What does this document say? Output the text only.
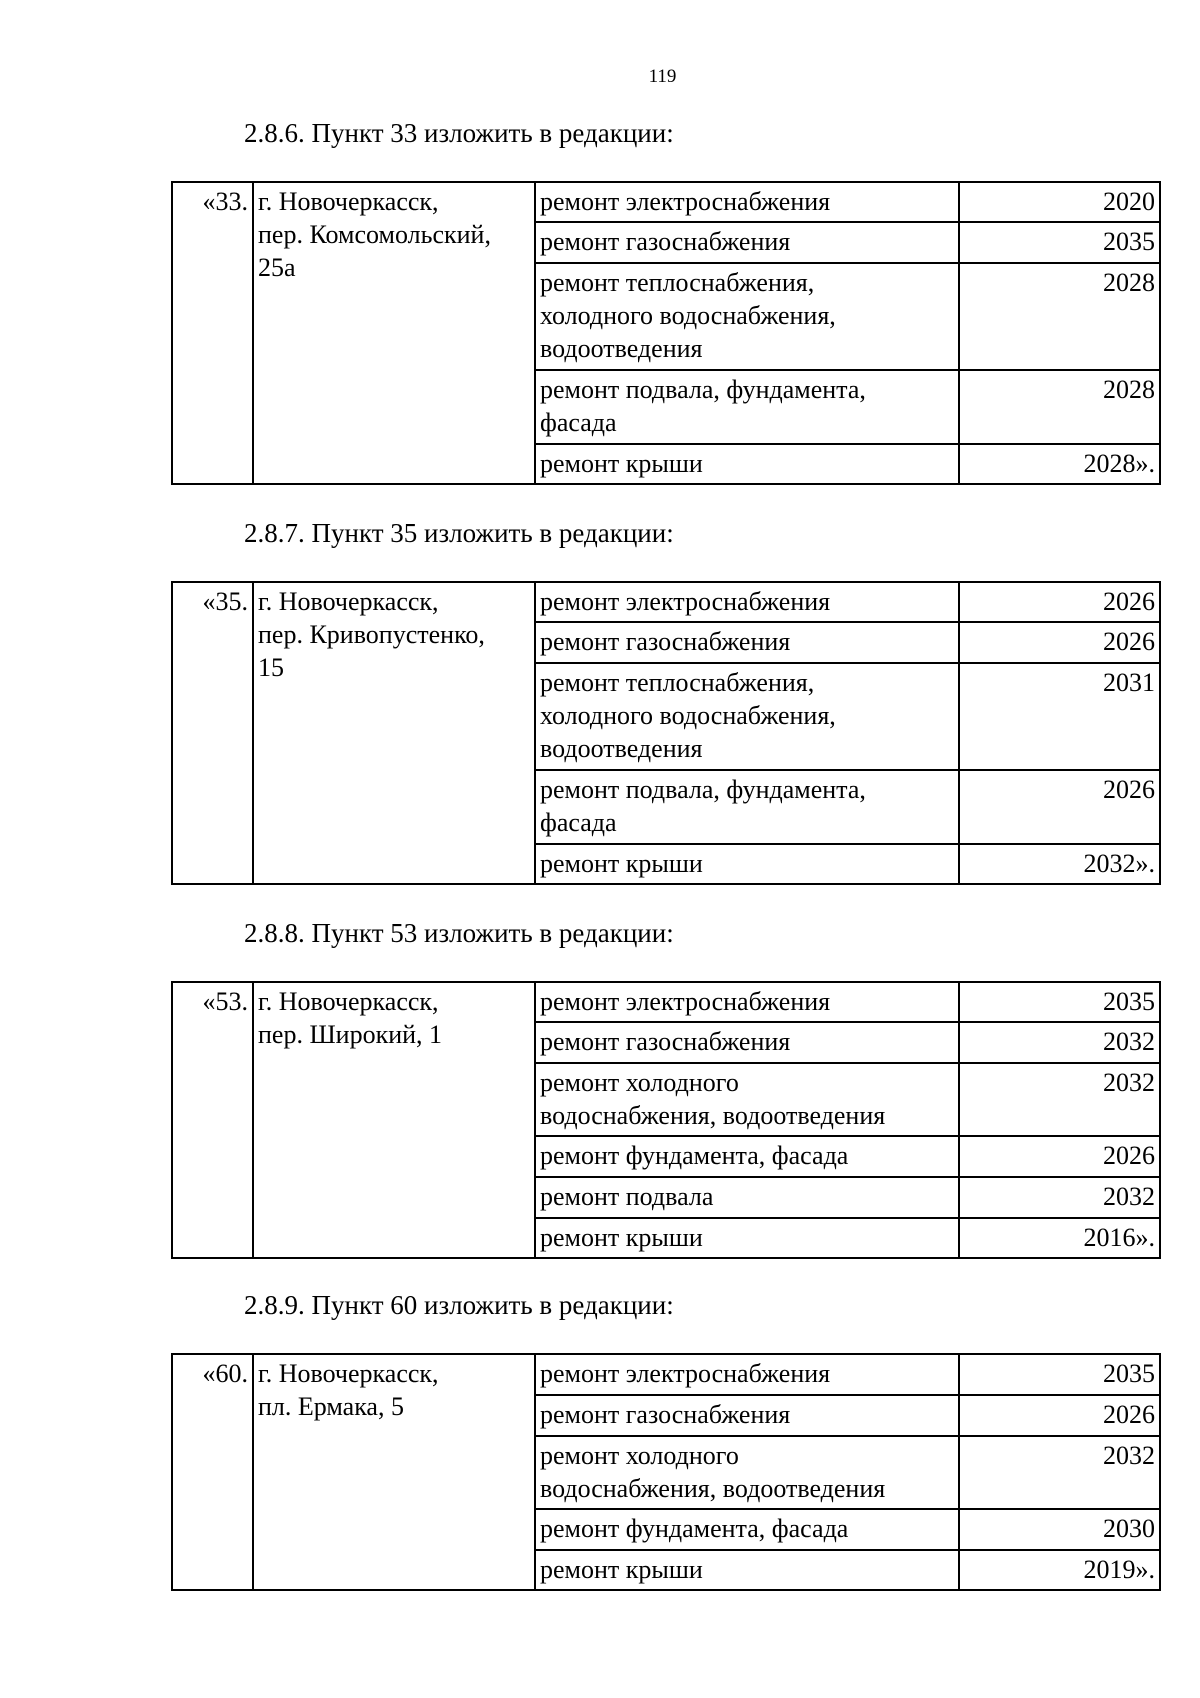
119
2.8.6. Пункт 33 изложить в редакции:
«33.	г. Новочеркасск,
пер. Комсомольский,
25а	ремонт электроснабжения	2020
		ремонт газоснабжения	2035
		ремонт теплоснабжения,
холодного водоснабжения,
водоотведения	2028
		ремонт подвала, фундамента,
фасада	2028
		ремонт крыши	2028».
2.8.7. Пункт 35 изложить в редакции:
«35.	г. Новочеркасск,
пер. Кривопустенко,
15	ремонт электроснабжения	2026
		ремонт газоснабжения	2026
		ремонт теплоснабжения,
холодного водоснабжения,
водоотведения	2031
		ремонт подвала, фундамента,
фасада	2026
		ремонт крыши	2032».
2.8.8. Пункт 53 изложить в редакции:
«53.	г. Новочеркасск,
пер. Широкий, 1	ремонт электроснабжения	2035
		ремонт газоснабжения	2032
		ремонт холодного
водоснабжения, водоотведения	2032
		ремонт фундамента, фасада	2026
		ремонт подвала	2032
		ремонт крыши	2016».
2.8.9. Пункт 60 изложить в редакции:
«60.	г. Новочеркасск,
пл. Ермака, 5	ремонт электроснабжения	2035
		ремонт газоснабжения	2026
		ремонт холодного
водоснабжения, водоотведения	2032
		ремонт фундамента, фасада	2030
		ремонт крыши	2019».
